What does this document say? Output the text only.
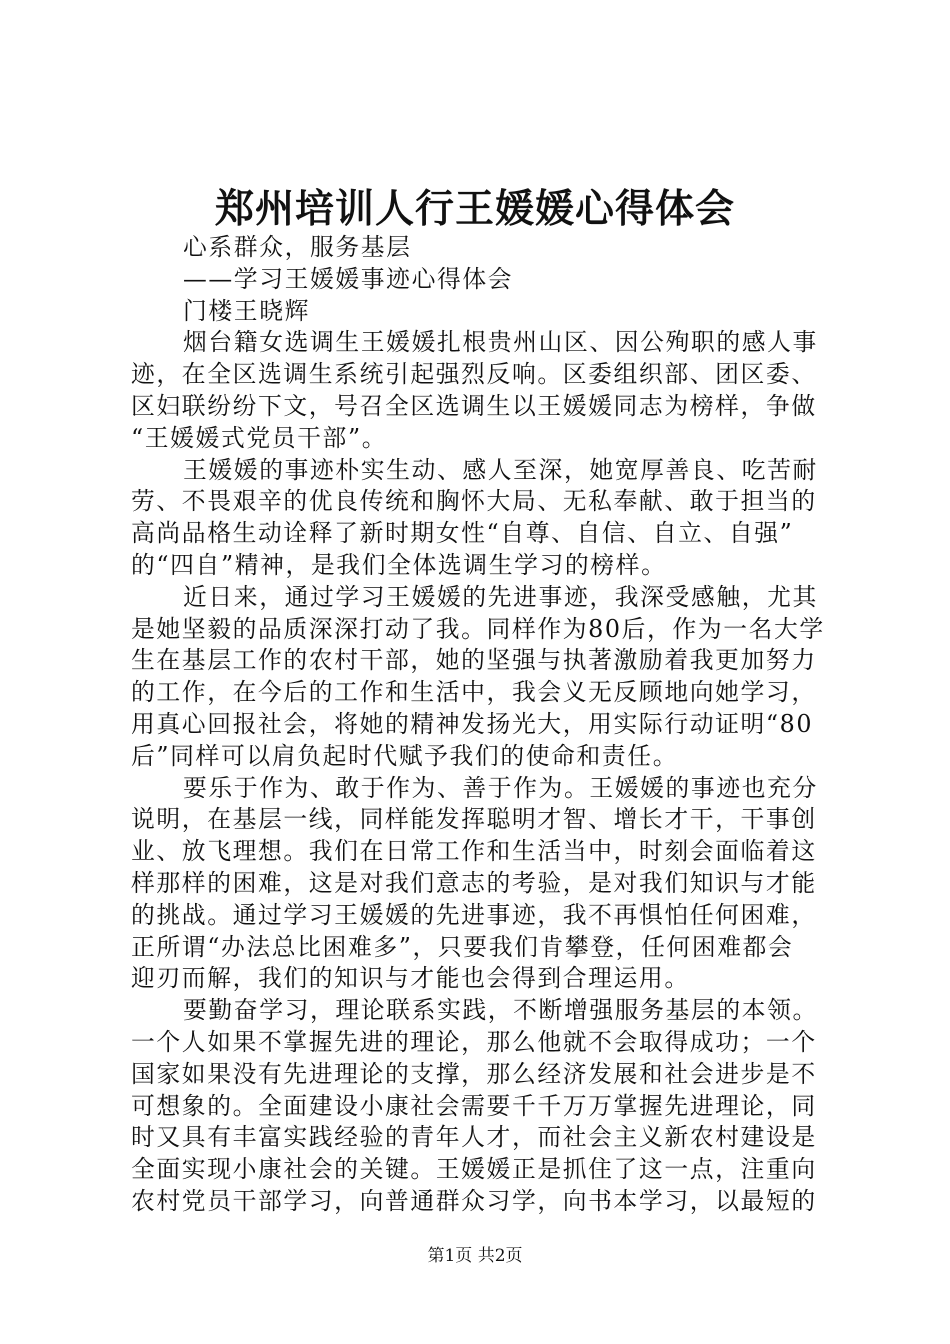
郑州培训人行王媛媛心得体会
心系群众，服务基层
——学习王媛媛事迹心得体会
门楼王晓辉
烟台籍女选调生王媛媛扎根贵州山区、因公殉职的感人事
迹，在全区选调生系统引起强烈反响。区委组织部、团区委、
区妇联纷纷下文，号召全区选调生以王媛媛同志为榜样，争做
“王媛媛式党员干部”。
王媛媛的事迹朴实生动、感人至深，她宽厚善良、吃苦耐
劳、不畏艰辛的优良传统和胸怀大局、无私奉献、敢于担当的
高尚品格生动诠释了新时期女性“自尊、自信、自立、自强”
的“四自”精神，是我们全体选调生学习的榜样。
近日来，通过学习王媛媛的先进事迹，我深受感触，尤其
是她坚毅的品质深深打动了我。同样作为80后，作为一名大学
生在基层工作的农村干部，她的坚强与执著激励着我更加努力
的工作，在今后的工作和生活中，我会义无反顾地向她学习，
用真心回报社会，将她的精神发扬光大，用实际行动证明“80
后”同样可以肩负起时代赋予我们的使命和责任。
要乐于作为、敢于作为、善于作为。王媛媛的事迹也充分
说明，在基层一线，同样能发挥聪明才智、增长才干，干事创
业、放飞理想。我们在日常工作和生活当中，时刻会面临着这
样那样的困难，这是对我们意志的考验，是对我们知识与才能
的挑战。通过学习王媛媛的先进事迹，我不再惧怕任何困难，
正所谓“办法总比困难多”，只要我们肯攀登，任何困难都会
迎刃而解，我们的知识与才能也会得到合理运用。
要勤奋学习，理论联系实践，不断增强服务基层的本领。
一个人如果不掌握先进的理论，那么他就不会取得成功；一个
国家如果没有先进理论的支撑，那么经济发展和社会进步是不
可想象的。全面建设小康社会需要千千万万掌握先进理论，同
时又具有丰富实践经验的青年人才，而社会主义新农村建设是
全面实现小康社会的关键。王媛媛正是抓住了这一点，注重向
农村党员干部学习，向普通群众习学，向书本学习，以最短的
第1页 共2页
